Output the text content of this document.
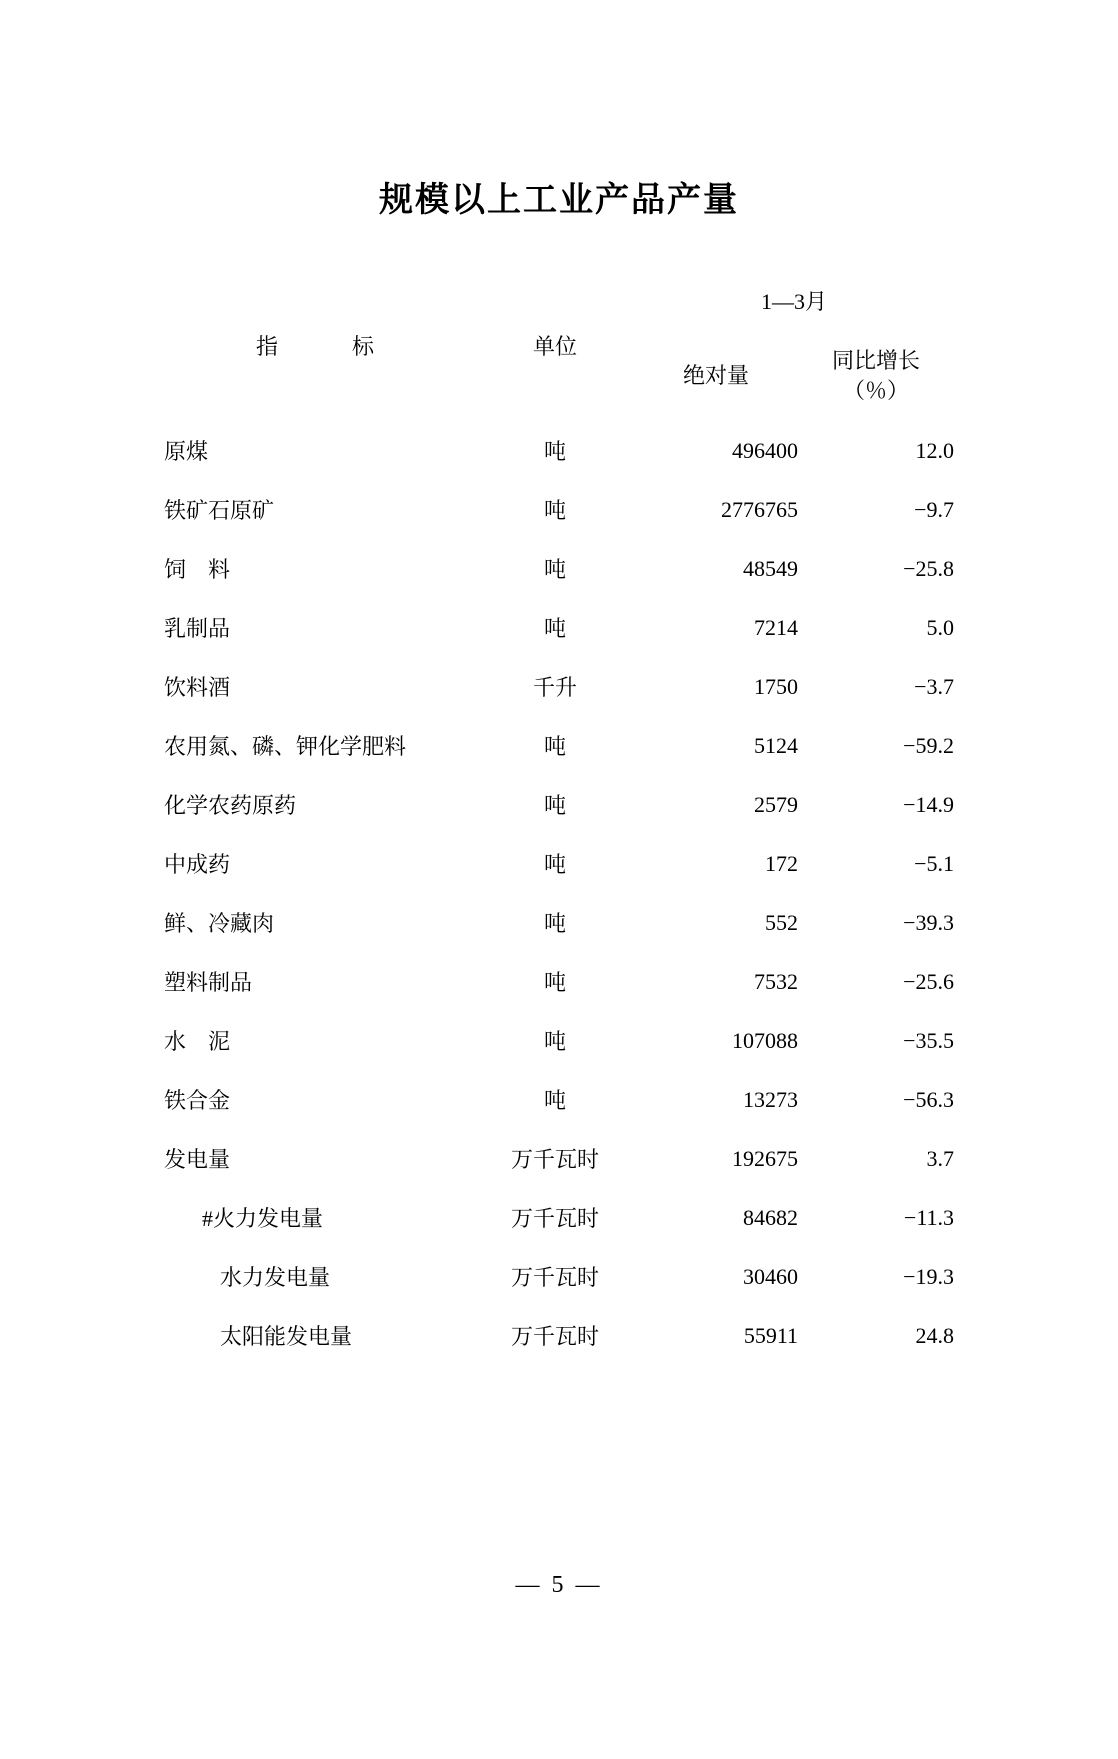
规模以上工业产品产量
指　　标	单位	1—3月	
		绝对量	同比增长
（％）

原煤	吨	496400	12.0
铁矿石原矿	吨	2776765	−9.7
饲　料	吨	48549	−25.8
乳制品	吨	7214	5.0
饮料酒	千升	1750	−3.7
农用氮、磷、钾化学肥料	吨	5124	−59.2
化学农药原药	吨	2579	−14.9
中成药	吨	172	−5.1
鲜、冷藏肉	吨	552	−39.3
塑料制品	吨	7532	−25.6
水　泥	吨	107088	−35.5
铁合金	吨	13273	−56.3
发电量	万千瓦时	192675	3.7
#火力发电量	万千瓦时	84682	−11.3
水力发电量	万千瓦时	30460	−19.3
太阳能发电量	万千瓦时	55911	24.8
— 5 —
